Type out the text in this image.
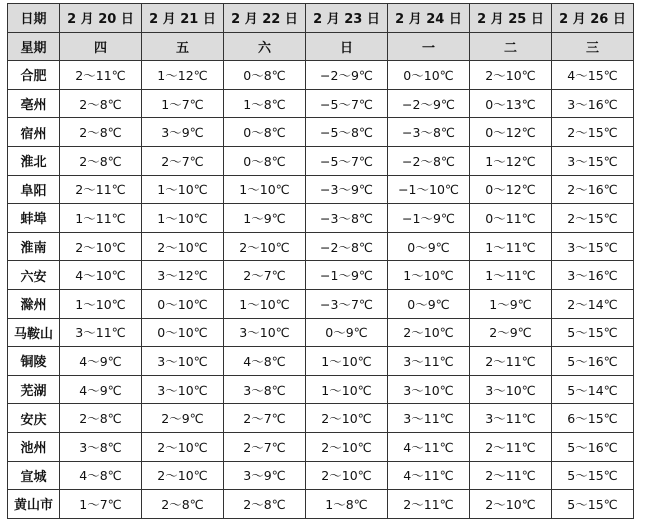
日期	2 月 20 日	2 月 21 日	2 月 22 日	2 月 23 日	2 月 24 日	2 月 25 日	2 月 26 日
星期	四	五	六	日	一	二	三
合肥	2～11℃	1～12℃	0～8℃	−2～9℃	0～10℃	2～10℃	4～15℃
亳州	2～8℃	1～7℃	1～8℃	−5～7℃	−2～9℃	0～13℃	3～16℃
宿州	2～8℃	3～9℃	0～8℃	−5～8℃	−3～8℃	0～12℃	2～15℃
淮北	2～8℃	2～7℃	0～8℃	−5～7℃	−2～8℃	1～12℃	3～15℃
阜阳	2～11℃	1～10℃	1～10℃	−3～9℃	−1～10℃	0～12℃	2～16℃
蚌埠	1～11℃	1～10℃	1～9℃	−3～8℃	−1～9℃	0～11℃	2～15℃
淮南	2～10℃	2～10℃	2～10℃	−2～8℃	0～9℃	1～11℃	3～15℃
六安	4～10℃	3～12℃	2～7℃	−1～9℃	1～10℃	1～11℃	3～16℃
滁州	1～10℃	0～10℃	1～10℃	−3～7℃	0～9℃	1～9℃	2～14℃
马鞍山	3～11℃	0～10℃	3～10℃	0～9℃	2～10℃	2～9℃	5～15℃
铜陵	4～9℃	3～10℃	4～8℃	1～10℃	3～11℃	2～11℃	5～16℃
芜湖	4～9℃	3～10℃	3～8℃	1～10℃	3～10℃	3～10℃	5～14℃
安庆	2～8℃	2～9℃	2～7℃	2～10℃	3～11℃	3～11℃	6～15℃
池州	3～8℃	2～10℃	2～7℃	2～10℃	4～11℃	2～11℃	5～16℃
宣城	4～8℃	2～10℃	3～9℃	2～10℃	4～11℃	2～11℃	5～15℃
黄山市	1～7℃	2～8℃	2～8℃	1～8℃	2～11℃	2～10℃	5～15℃
